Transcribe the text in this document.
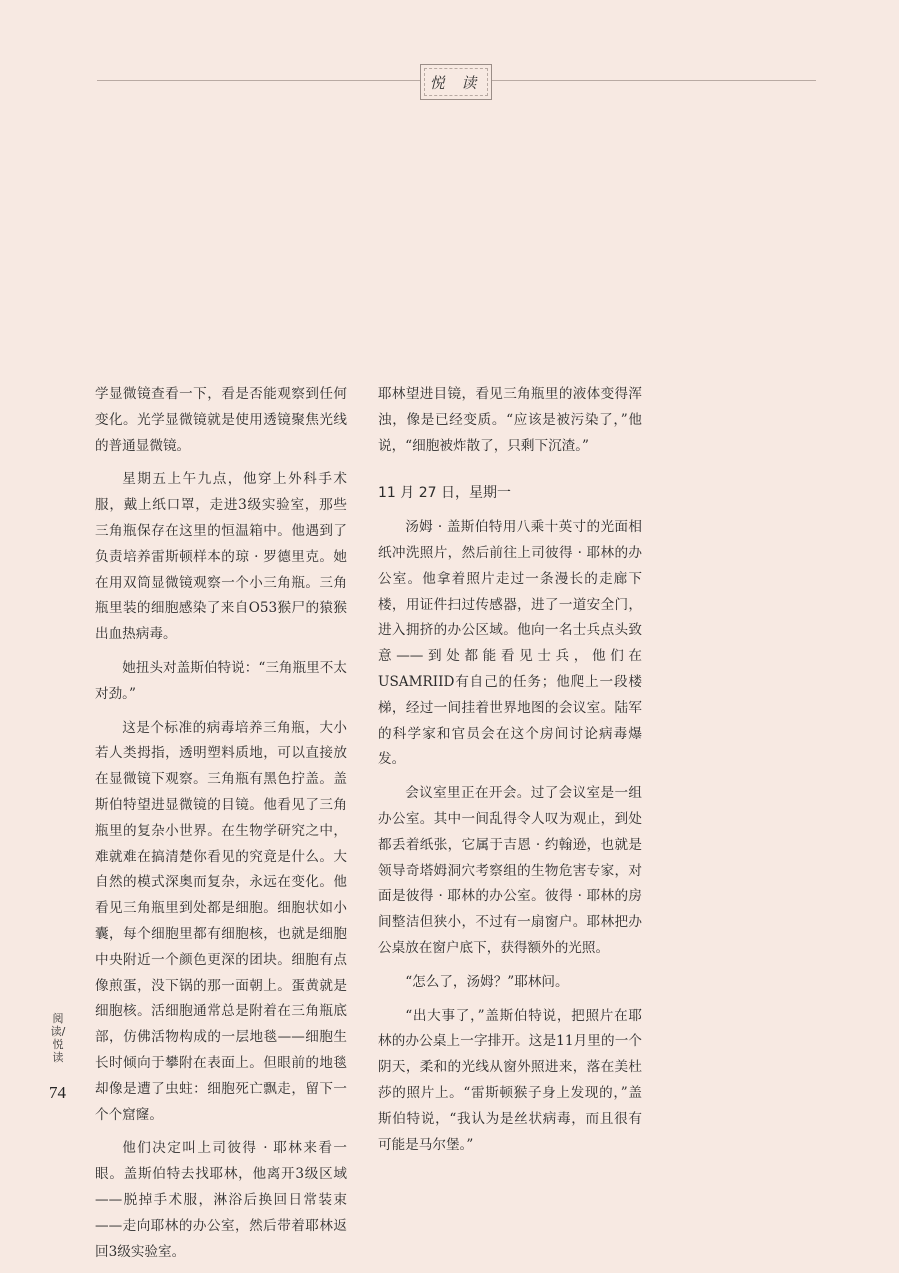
悦 读

学显微镜查看一下，看是否能观察到任何变化。光学显微镜就是使用透镜聚焦光线的普通显微镜。

星期五上午九点，他穿上外科手术服，戴上纸口罩，走进3级实验室，那些三角瓶保存在这里的恒温箱中。他遇到了负责培养雷斯顿样本的琼 · 罗德里克。她在用双筒显微镜观察一个小三角瓶。三角瓶里装的细胞感染了来自O53猴尸的猿猴出血热病毒。

她扭头对盖斯伯特说：“三角瓶里不太对劲。”

这是个标准的病毒培养三角瓶，大小若人类拇指，透明塑料质地，可以直接放在显微镜下观察。三角瓶有黑色拧盖。盖斯伯特望进显微镜的目镜。他看见了三角瓶里的复杂小世界。在生物学研究之中，难就难在搞清楚你看见的究竟是什么。大自然的模式深奥而复杂，永远在变化。他看见三角瓶里到处都是细胞。细胞状如小囊，每个细胞里都有细胞核，也就是细胞中央附近一个颜色更深的团块。细胞有点像煎蛋，没下锅的那一面朝上。蛋黄就是细胞核。活细胞通常总是附着在三角瓶底部，仿佛活物构成的一层地毯——细胞生长时倾向于攀附在表面上。但眼前的地毯却像是遭了虫蛀：细胞死亡飘走，留下一个个窟窿。

他们决定叫上司彼得 · 耶林来看一眼。盖斯伯特去找耶林，他离开3级区域——脱掉手术服，淋浴后换回日常装束——走向耶林的办公室，然后带着耶林返回3级实验室。

耶林望进目镜，看见三角瓶里的液体变得浑浊，像是已经变质。“应该是被污染了，”他说，“细胞被炸散了，只剩下沉渣。”

11 月 27 日，星期一

汤姆 · 盖斯伯特用八乘十英寸的光面相纸冲洗照片，然后前往上司彼得 · 耶林的办公室。他拿着照片走过一条漫长的走廊下楼，用证件扫过传感器，进了一道安全门，进入拥挤的办公区域。他向一名士兵点头致意——到处都能看见士兵，他们在USAMRIID有自己的任务；他爬上一段楼梯，经过一间挂着世界地图的会议室。陆军的科学家和官员会在这个房间讨论病毒爆发。

会议室里正在开会。过了会议室是一组办公室。其中一间乱得令人叹为观止，到处都丢着纸张，它属于吉恩 · 约翰逊，也就是领导奇塔姆洞穴考察组的生物危害专家，对面是彼得 · 耶林的办公室。彼得 · 耶林的房间整洁但狭小，不过有一扇窗户。耶林把办公桌放在窗户底下，获得额外的光照。

“怎么了，汤姆？”耶林问。

“出大事了，”盖斯伯特说，把照片在耶林的办公桌上一字排开。这是11月里的一个阴天，柔和的光线从窗外照进来，落在美杜莎的照片上。“雷斯顿猴子身上发现的，”盖斯伯特说，“我认为是丝状病毒，而且很有可能是马尔堡。”

阅读/悦读
74
